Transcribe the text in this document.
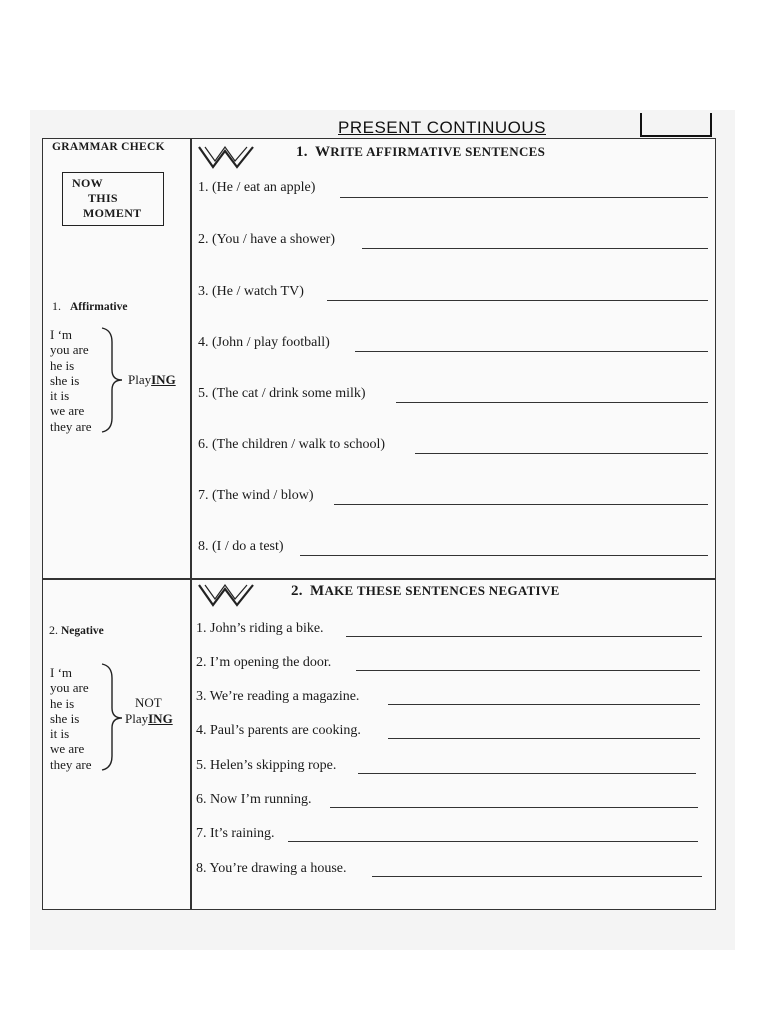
PRESENT CONTINUOUS
GRAMMAR CHECK
NOW
THIS
MOMENT
1. Affirmative
I ‘m
you are
he is
she is
it is
we are
they are
PlayING
2. Negative
I ‘m
you are
he is
she is
it is
we are
they are
NOT
PlayING
1. WRITE AFFIRMATIVE SENTENCES
1. (He / eat an apple)
2. (You / have a shower)
3. (He / watch TV)
4. (John / play football)
5. (The cat / drink some milk)
6. (The children / walk to school)
7. (The wind / blow)
8. (I / do a test)
2. MAKE THESE SENTENCES NEGATIVE
1. John’s riding a bike.
2. I’m opening the door.
3. We’re reading a magazine.
4. Paul’s parents are cooking.
5. Helen’s skipping rope.
6. Now I’m running.
7. It’s raining.
8. You’re drawing a house.
